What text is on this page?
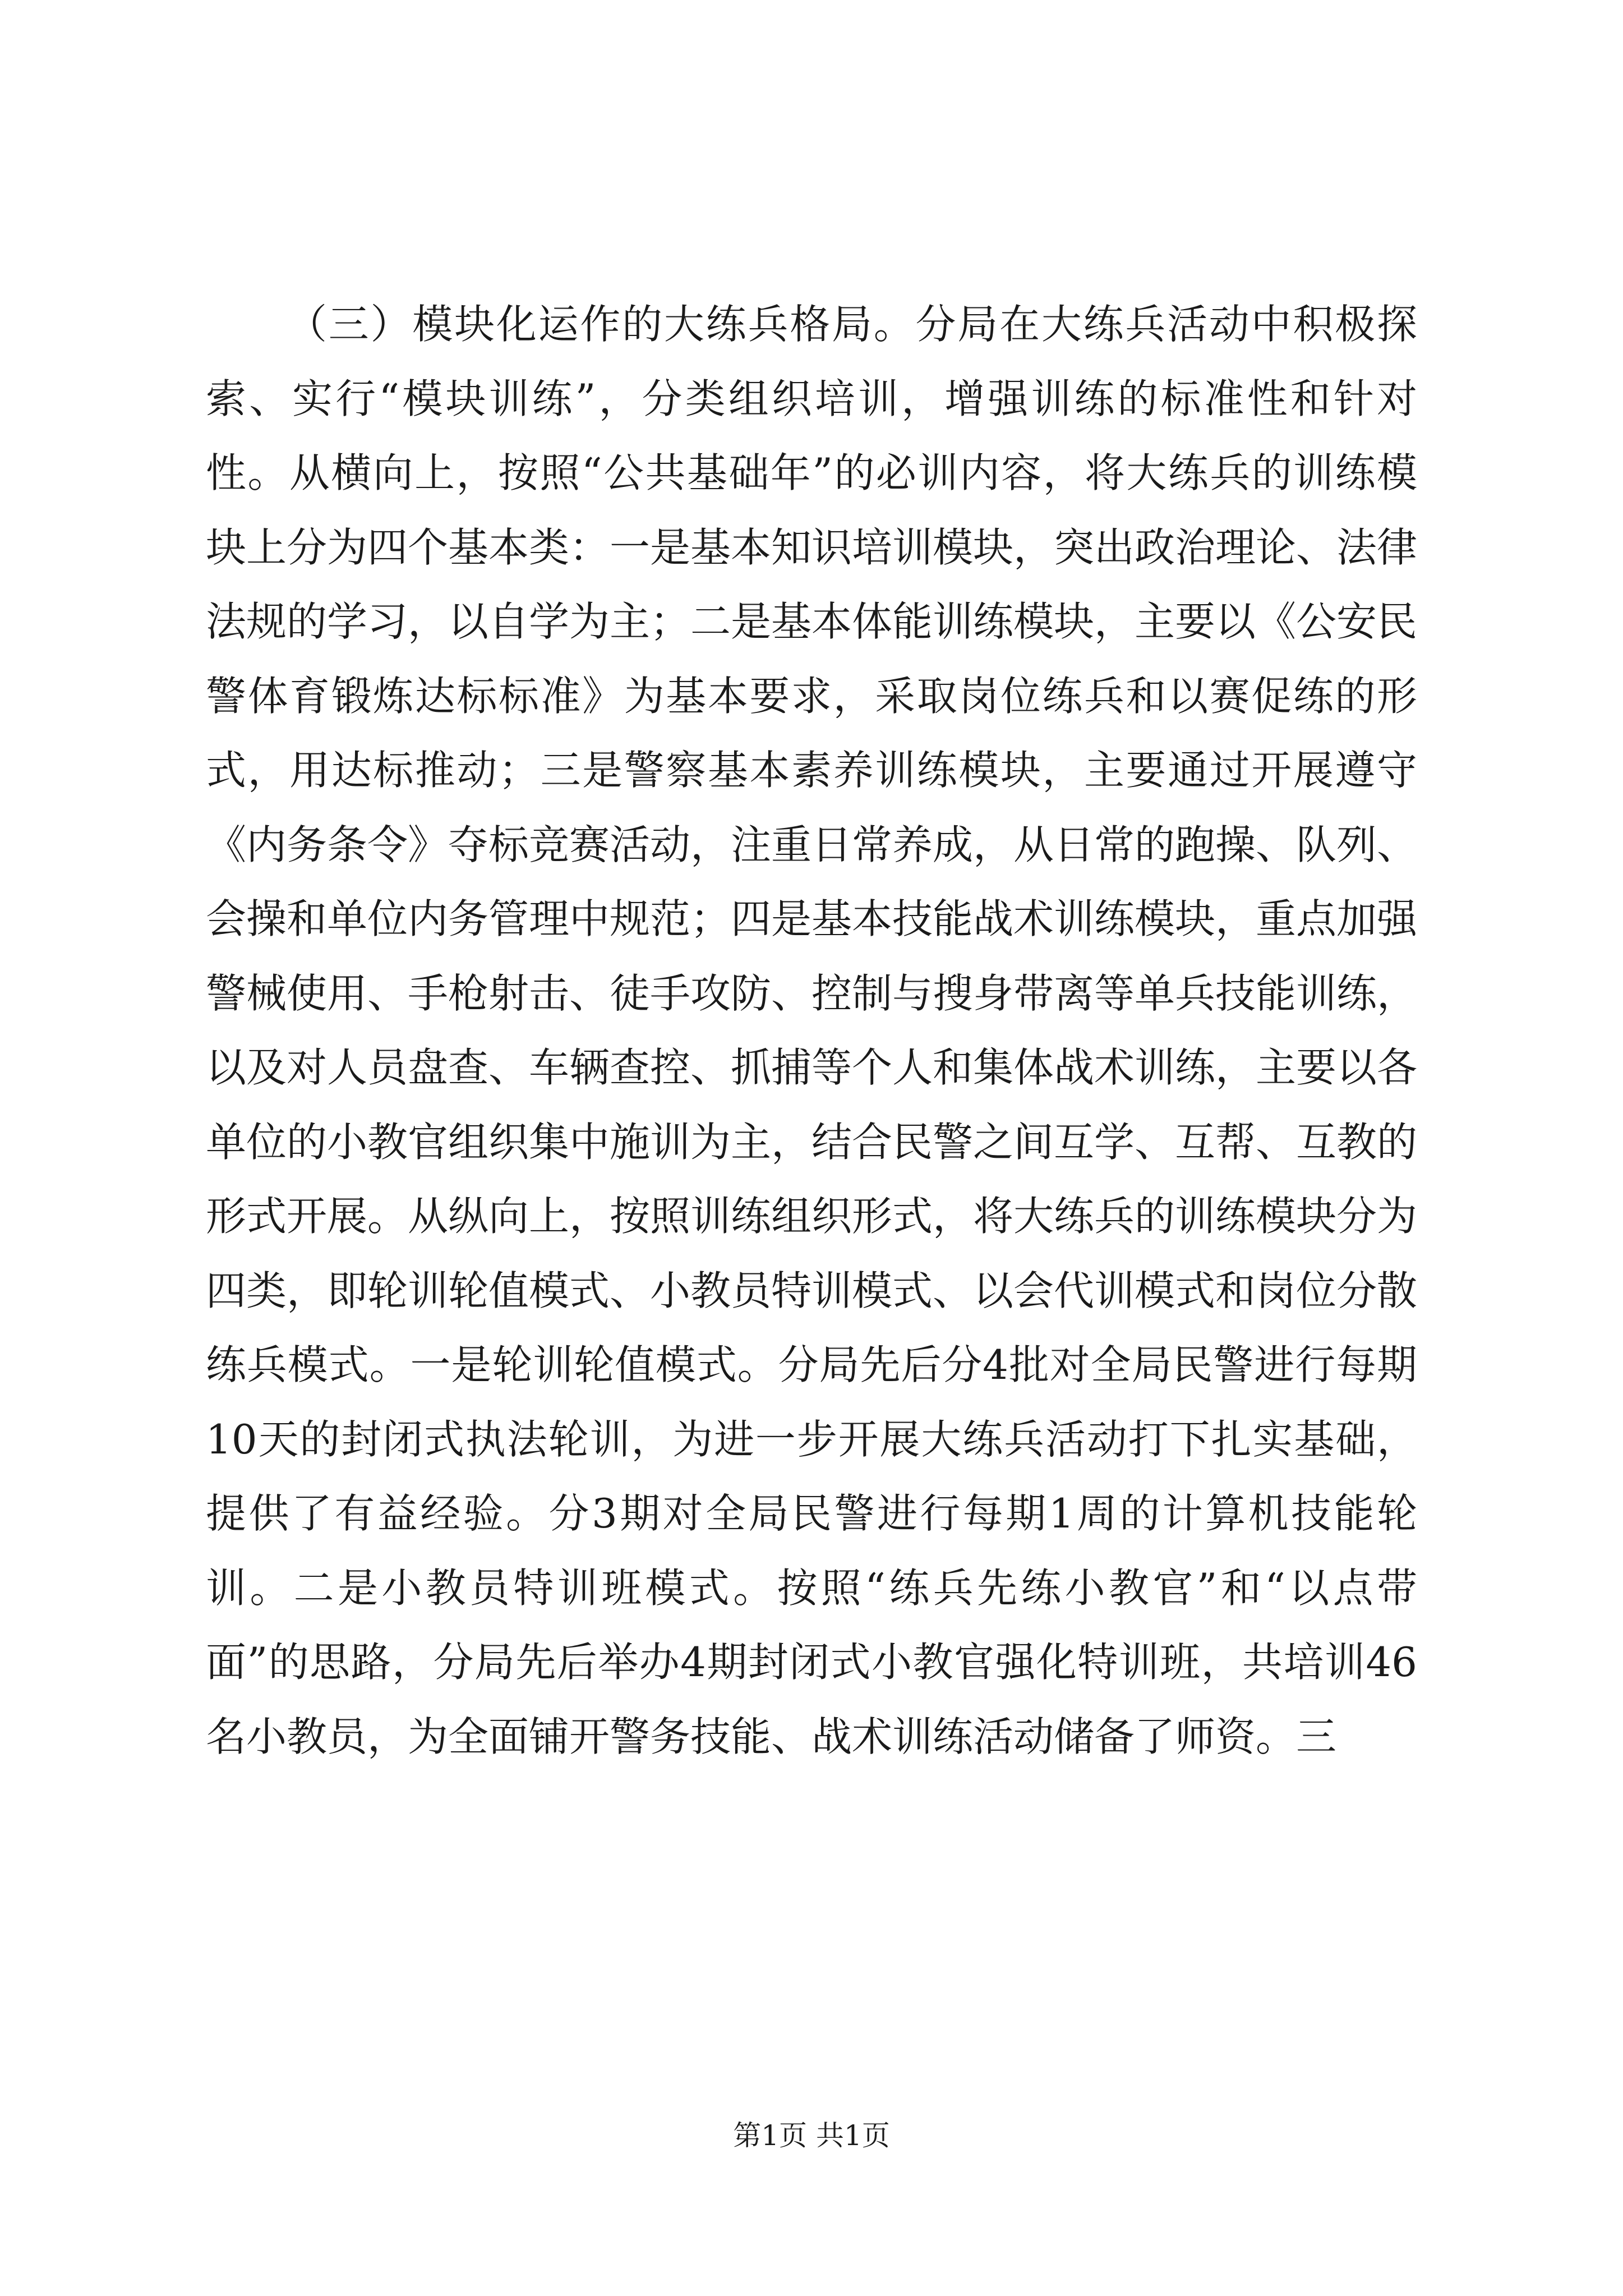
（三）模块化运作的大练兵格局。分局在大练兵活动中积极探索、实行“模块训练”，分类组织培训，增强训练的标准性和针对性。从横向上，按照“公共基础年”的必训内容，将大练兵的训练模块上分为四个基本类：一是基本知识培训模块，突出政治理论、法律法规的学习，以自学为主；二是基本体能训练模块，主要以《公安民警体育锻炼达标标准》为基本要求，采取岗位练兵和以赛促练的形式，用达标推动；三是警察基本素养训练模块，主要通过开展遵守《内务条令》夺标竞赛活动，注重日常养成，从日常的跑操、队列、会操和单位内务管理中规范；四是基本技能战术训练模块，重点加强警械使用、手枪射击、徒手攻防、控制与搜身带离等单兵技能训练，以及对人员盘查、车辆查控、抓捕等个人和集体战术训练，主要以各单位的小教官组织集中施训为主，结合民警之间互学、互帮、互教的形式开展。从纵向上，按照训练组织形式，将大练兵的训练模块分为四类，即轮训轮值模式、小教员特训模式、以会代训模式和岗位分散练兵模式。一是轮训轮值模式。分局先后分4批对全局民警进行每期10天的封闭式执法轮训，为进一步开展大练兵活动打下扎实基础，提供了有益经验。分3期对全局民警进行每期1周的计算机技能轮训。二是小教员特训班模式。按照“练兵先练小教官”和“以点带面”的思路，分局先后举办4期封闭式小教官强化特训班，共培训46名小教员，为全面铺开警务技能、战术训练活动储备了师资。三

第1页 共1页
